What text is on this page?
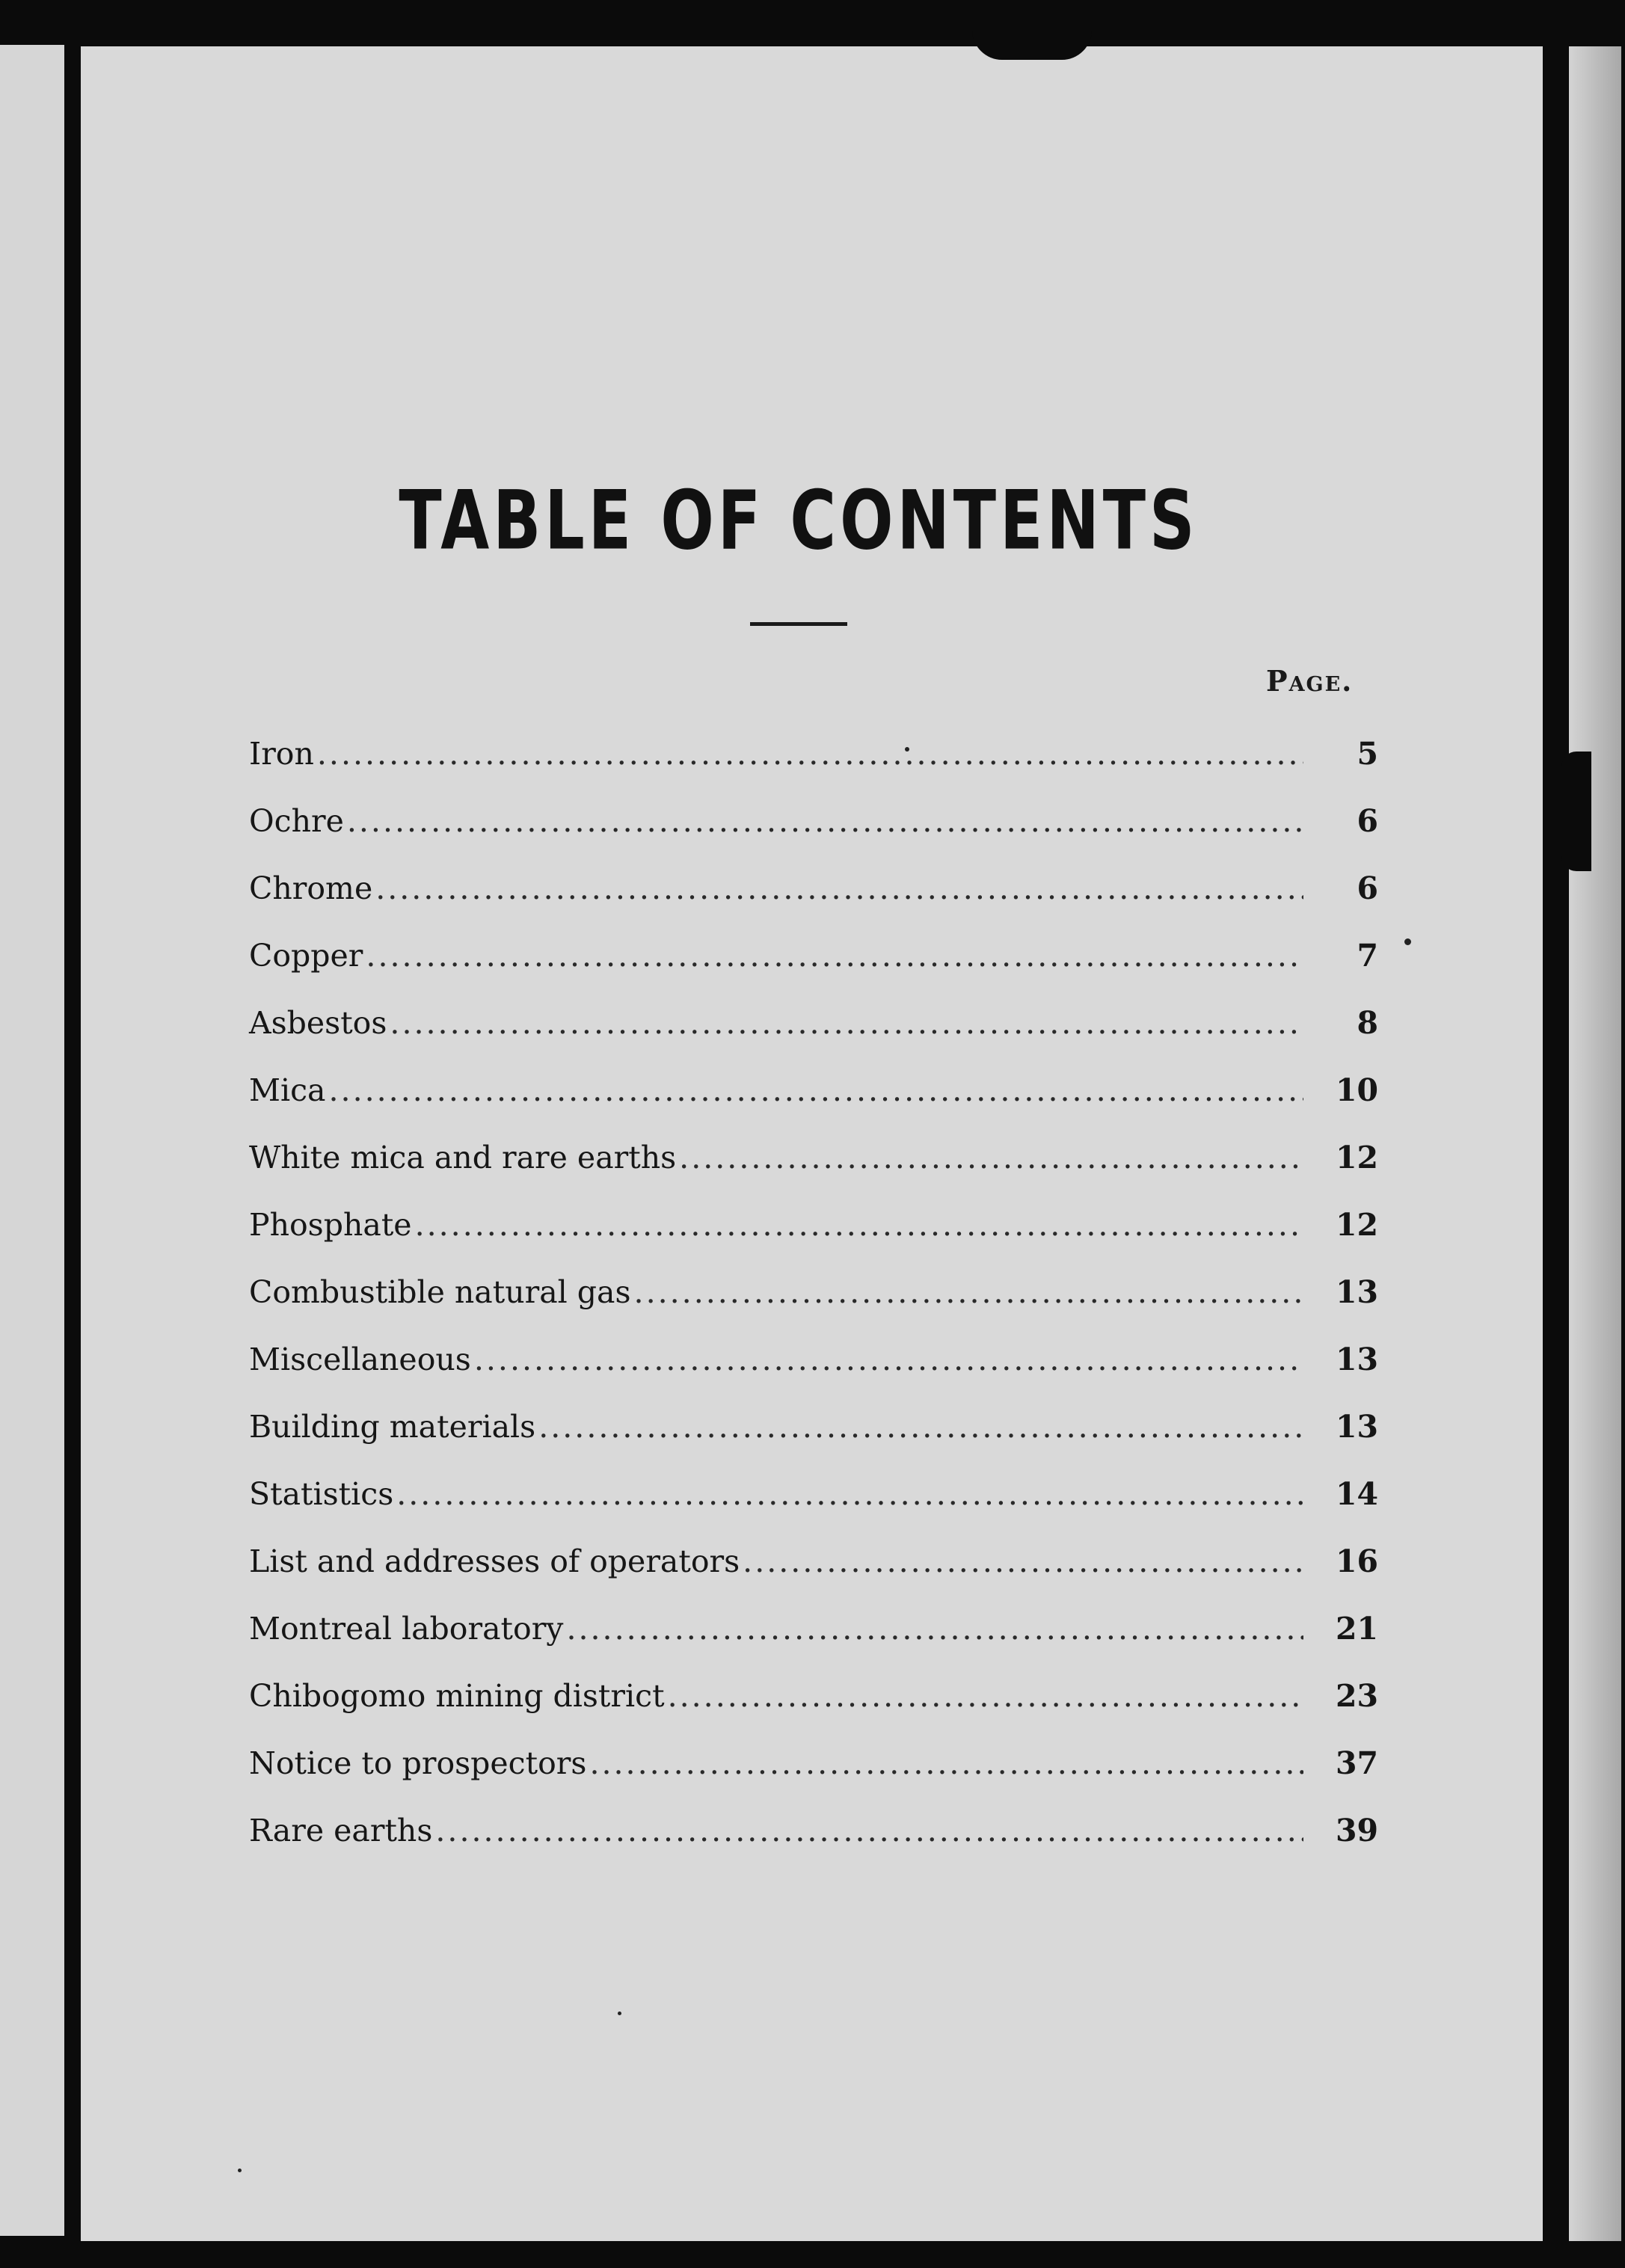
TABLE OF CONTENTS
Page.
Iron .....	5
Ochre .....	6
Chrome .....	6
Copper .....	7
Asbestos .....	8
Mica .....	10
White mica and rare earths .....	12
Phosphate .....	12
Combustible natural gas .....	13
Miscellaneous .....	13
Building materials .....	13
Statistics .....	14
List and addresses of operators .....	16
Montreal laboratory .....	21
Chibogomo mining district .....	23
Notice to prospectors .....	37
Rare earths .....	39
